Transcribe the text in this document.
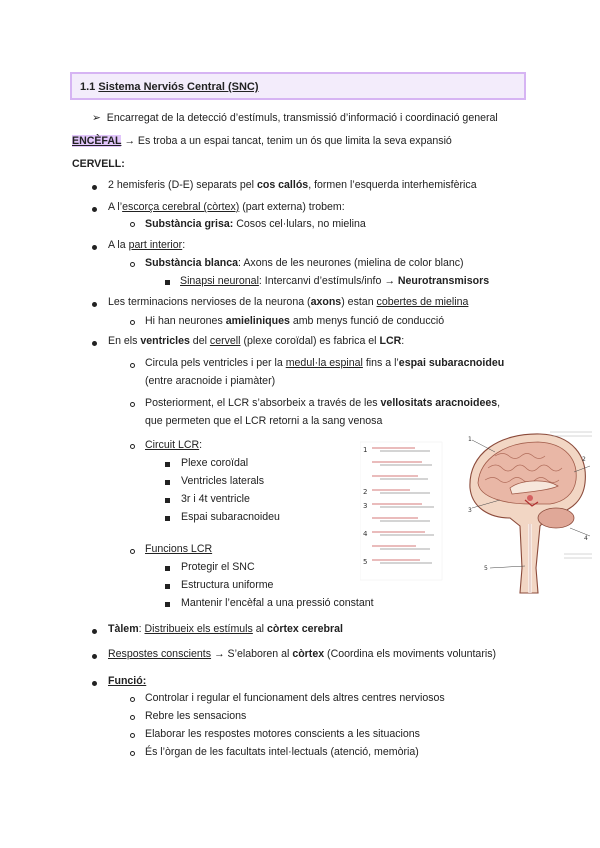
1.1 Sistema Nerviós Central (SNC)
➢ Encarregat de la detecció d’estímuls, transmissió d’informació i coordinació general
ENCÈFAL → Es troba a un espai tancat, tenim un ós que limita la seva expansió
CERVELL:
2 hemisferis (D-E) separats pel cos callós, formen l’esquerda interhemisfèrica
A l’escorça cerebral (còrtex) (part externa) trobem:
Substància grisa: Cosos cel·lulars, no mielina
A la part interior:
Substància blanca: Axons de les neurones (mielina de color blanc)
Sinapsi neuronal: Intercanvi d’estímuls/info → Neurotransmisors
Les terminacions nervioses de la neurona (axons) estan cobertes de mielina
Hi han neurones amieliniques amb menys funció de conducció
En els ventricles del cervell (plexe coroïdal) es fabrica el LCR:
Circula pels ventricles i per la medul·la espinal fins a l’espai subaracnoideu
(entre aracnoide i piamàter)
Posteriorment, el LCR s’absorbeix a través de les vellositats aracnoidees,
que permeten que el LCR retorni a la sang venosa
Circuit LCR:
Plexe coroïdal
Ventricles laterals
3r i 4t ventricle
Espai subaracnoideu
Funcions LCR
Protegir el SNC
Estructura uniforme
Mantenir l’encèfal a una pressió constant
Tàlem: Distribueix els estímuls al còrtex cerebral
Respostes conscients → S’elaboren al còrtex (Coordina els moviments voluntaris)
Funció:
Controlar i regular el funcionament dels altres centres nerviosos
Rebre les sensacions
Elaborar les respostes motores conscients a les situacions
És l’òrgan de les facultats intel·lectuals (atenció, memòria)
1
2
3
4
5
1
2
3
4
5
